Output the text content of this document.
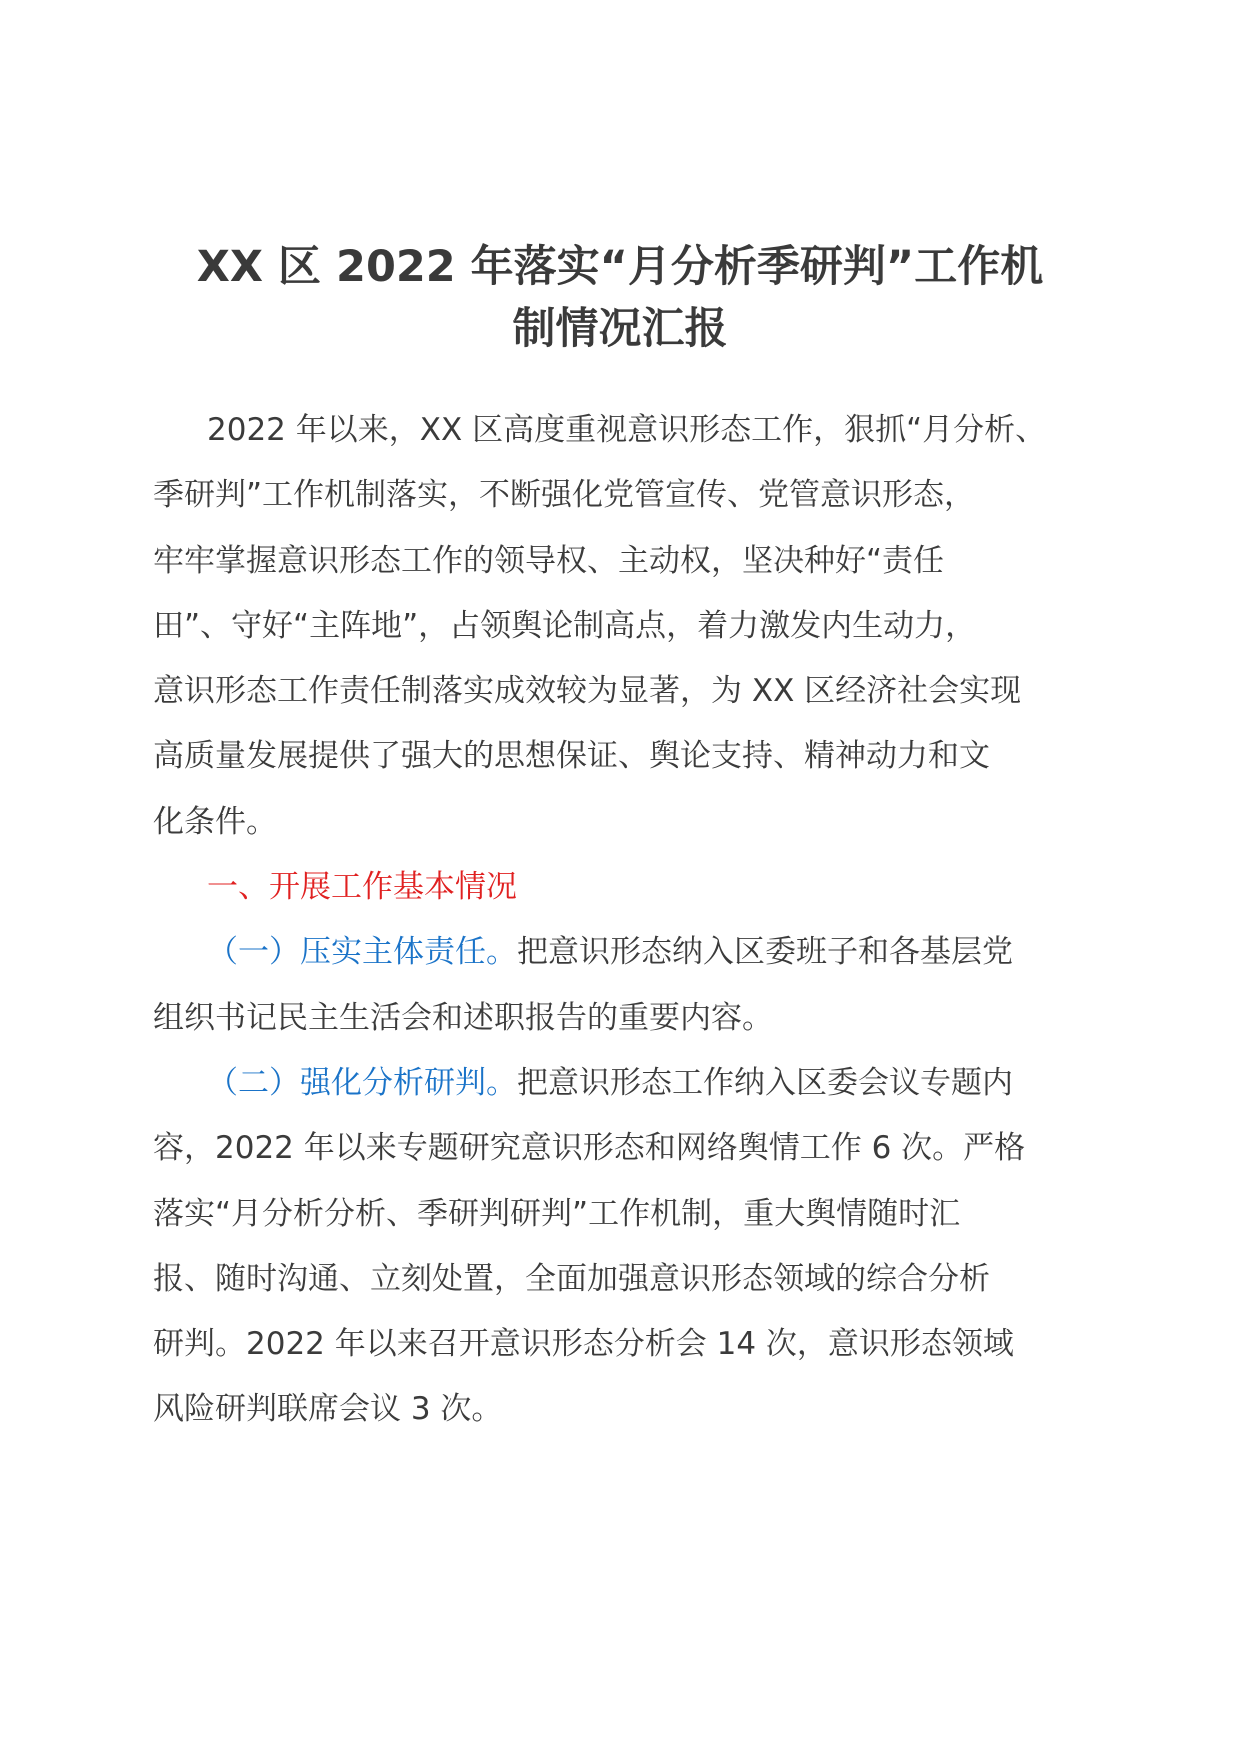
XX 区 2022 年落实“月分析季研判”工作机
制情况汇报
2022 年以来，XX 区高度重视意识形态工作，狠抓“月分析、
季研判”工作机制落实，不断强化党管宣传、党管意识形态，
牢牢掌握意识形态工作的领导权、主动权，坚决种好“责任
田”、守好“主阵地”，占领舆论制高点，着力激发内生动力，
意识形态工作责任制落实成效较为显著，为 XX 区经济社会实现
高质量发展提供了强大的思想保证、舆论支持、精神动力和文
化条件。
一、开展工作基本情况
（一）压实主体责任。把意识形态纳入区委班子和各基层党
组织书记民主生活会和述职报告的重要内容。
（二）强化分析研判。把意识形态工作纳入区委会议专题内
容，2022 年以来专题研究意识形态和网络舆情工作 6 次。严格
落实“月分析分析、季研判研判”工作机制，重大舆情随时汇
报、随时沟通、立刻处置，全面加强意识形态领域的综合分析
研判。2022 年以来召开意识形态分析会 14 次，意识形态领域
风险研判联席会议 3 次。
